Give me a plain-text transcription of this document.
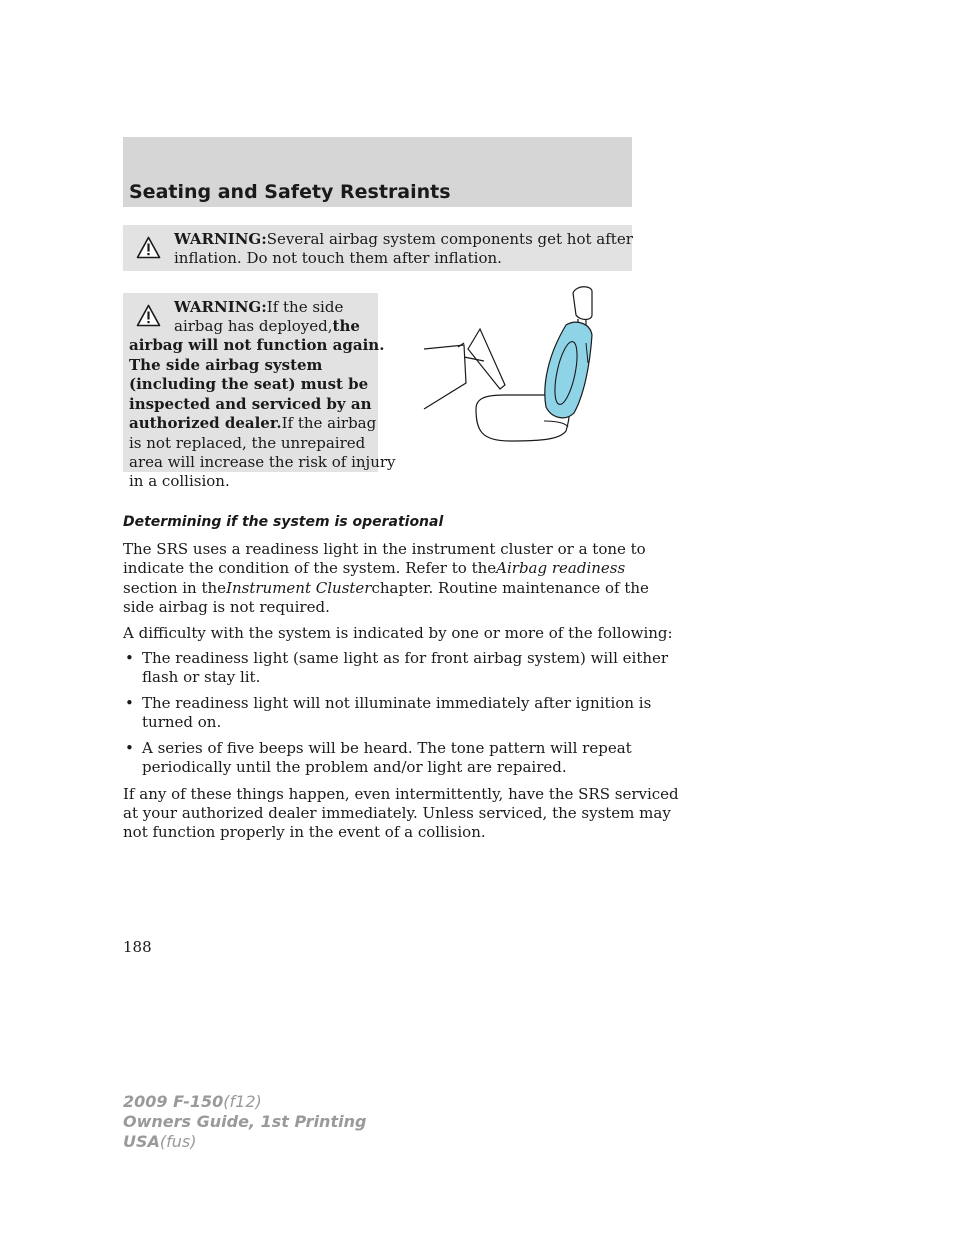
Seating and Safety Restraints
WARNING:Several airbag system components get hot after
inflation. Do not touch them after inflation.
WARNING:If the side
airbag has deployed,the
airbag will not function again.
The side airbag system
(including the seat) must be
inspected and serviced by an
authorized dealer.If the airbag
is not replaced, the unrepaired
area will increase the risk of injury
in a collision.
Determining if the system is operational
The SRS uses a readiness light in the instrument cluster or a tone to
indicate the condition of the system. Refer to theAirbag readiness
section in theInstrument Clusterchapter. Routine maintenance of the
side airbag is not required.
A difficulty with the system is indicated by one or more of the following:
• The readiness light (same light as for front airbag system) will either
flash or stay lit.
• The readiness light will not illuminate immediately after ignition is
turned on.
• A series of five beeps will be heard. The tone pattern will repeat
periodically until the problem and/or light are repaired.
If any of these things happen, even intermittently, have the SRS serviced
at your authorized dealer immediately. Unless serviced, the system may
not function properly in the event of a collision.
188
2009 F-150(f12)
Owners Guide, 1st Printing
USA(fus)
